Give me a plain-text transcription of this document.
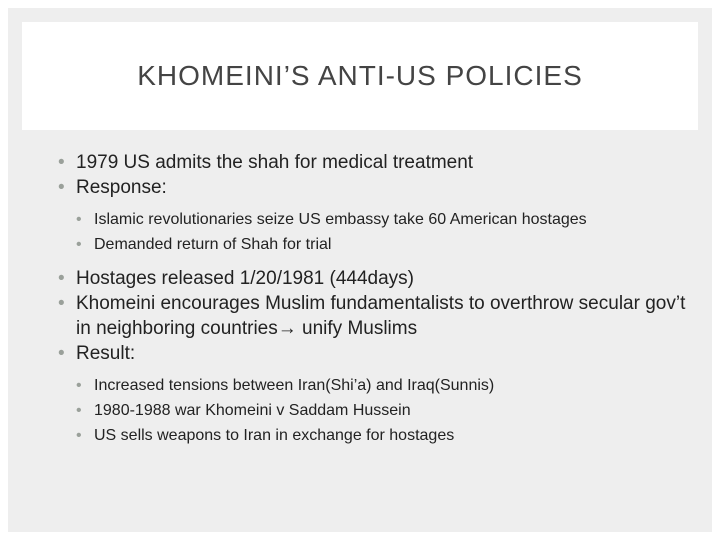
KHOMEINI’S ANTI-US POLICIES
• 1979 US admits the shah for medical treatment
• Response:
• Islamic revolutionaries seize US embassy take 60 American hostages
• Demanded return of Shah for trial
• Hostages released 1/20/1981 (444days)
• Khomeini encourages Muslim fundamentalists to overthrow secular gov’t in neighboring countries→ unify Muslims
• Result:
• Increased tensions between Iran(Shi’a) and Iraq(Sunnis)
• 1980-1988 war Khomeini v Saddam Hussein
• US sells weapons to Iran in exchange for hostages
